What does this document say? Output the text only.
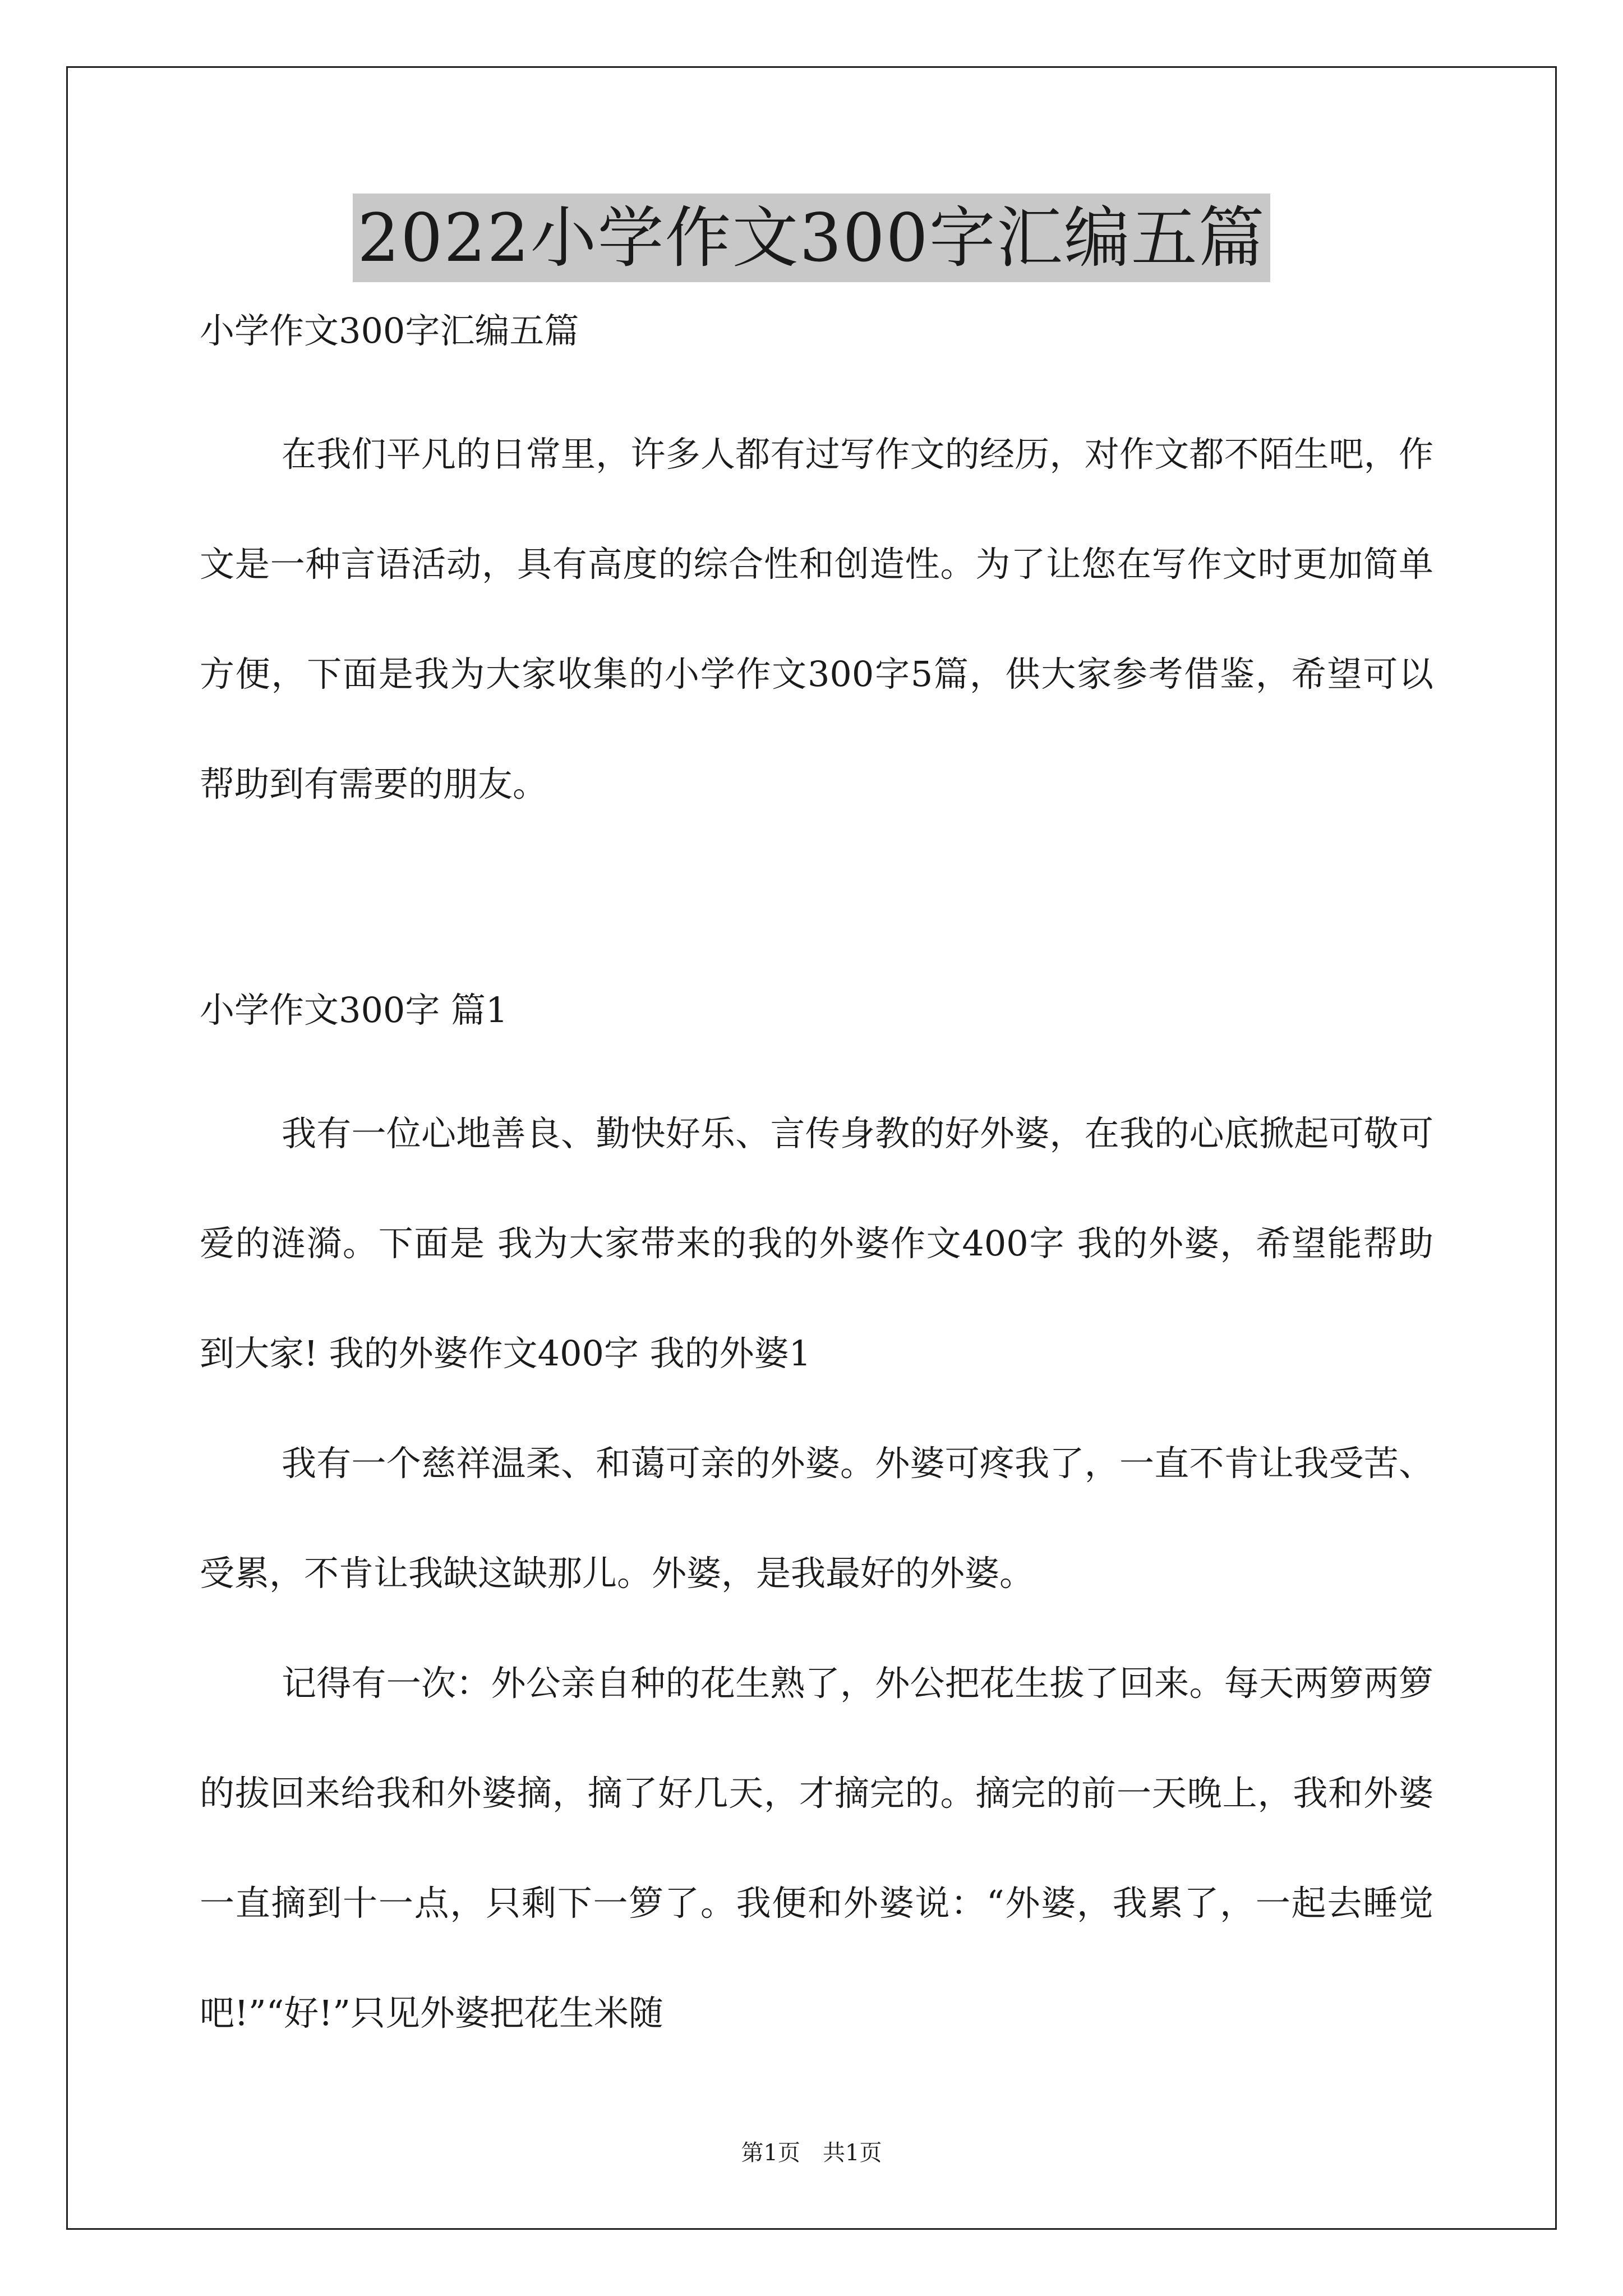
2022小学作文300字汇编五篇

小学作文300字汇编五篇

在我们平凡的日常里，许多人都有过写作文的经历，对作文都不陌生吧，作文是一种言语活动，具有高度的综合性和创造性。为了让您在写作文时更加简单方便，下面是我为大家收集的小学作文300字5篇，供大家参考借鉴，希望可以帮助到有需要的朋友。

小学作文300字 篇1

我有一位心地善良、勤快好乐、言传身教的好外婆，在我的心底掀起可敬可爱的涟漪。下面是 我为大家带来的我的外婆作文400字 我的外婆，希望能帮助到大家! 我的外婆作文400字 我的外婆1

我有一个慈祥温柔、和蔼可亲的外婆。外婆可疼我了，一直不肯让我受苦、受累，不肯让我缺这缺那儿。外婆，是我最好的外婆。

记得有一次：外公亲自种的花生熟了，外公把花生拔了回来。每天两箩两箩的拔回来给我和外婆摘，摘了好几天，才摘完的。摘完的前一天晚上，我和外婆一直摘到十一点，只剩下一箩了。我便和外婆说：“外婆，我累了，一起去睡觉吧!”“好!”只见外婆把花生米随

第1页　共1页
